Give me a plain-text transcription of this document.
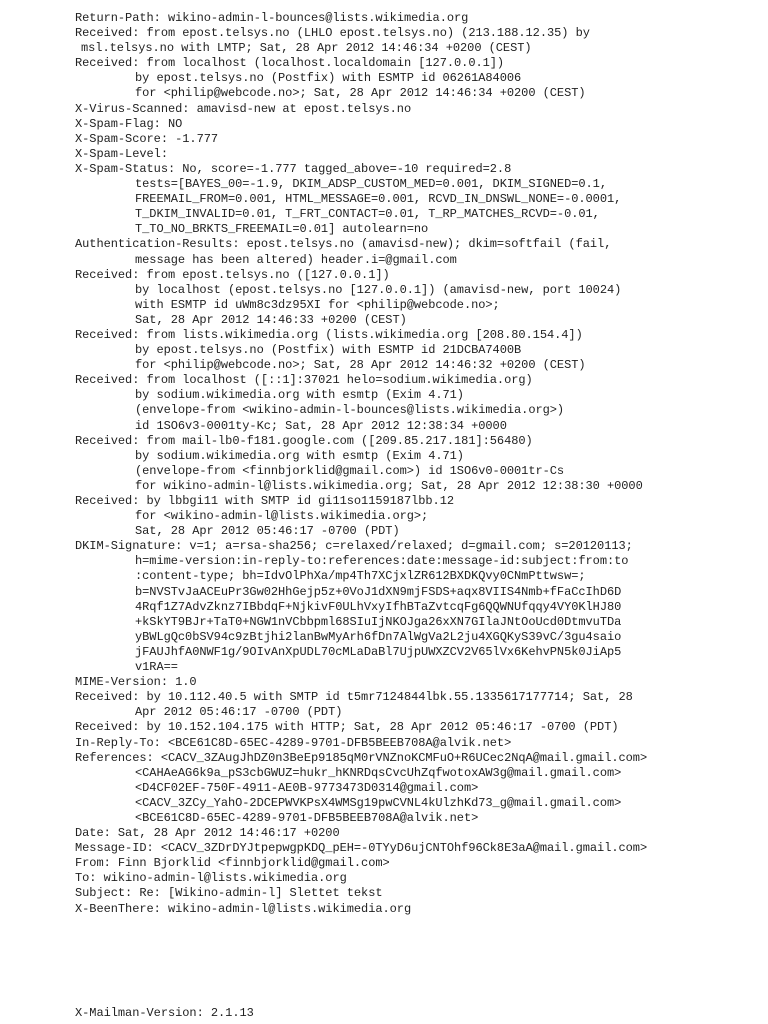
Return-Path: wikino-admin-l-bounces@lists.wikimedia.org
Received: from epost.telsys.no (LHLO epost.telsys.no) (213.188.12.35) by
msl.telsys.no with LMTP; Sat, 28 Apr 2012 14:46:34 +0200 (CEST)
Received: from localhost (localhost.localdomain [127.0.0.1])
by epost.telsys.no (Postfix) with ESMTP id 06261A84006
for <philip@webcode.no>; Sat, 28 Apr 2012 14:46:34 +0200 (CEST)
X-Virus-Scanned: amavisd-new at epost.telsys.no
X-Spam-Flag: NO
X-Spam-Score: -1.777
X-Spam-Level:
X-Spam-Status: No, score=-1.777 tagged_above=-10 required=2.8
tests=[BAYES_00=-1.9, DKIM_ADSP_CUSTOM_MED=0.001, DKIM_SIGNED=0.1,
FREEMAIL_FROM=0.001, HTML_MESSAGE=0.001, RCVD_IN_DNSWL_NONE=-0.0001,
T_DKIM_INVALID=0.01, T_FRT_CONTACT=0.01, T_RP_MATCHES_RCVD=-0.01,
T_TO_NO_BRKTS_FREEMAIL=0.01] autolearn=no
Authentication-Results: epost.telsys.no (amavisd-new); dkim=softfail (fail,
message has been altered) header.i=@gmail.com
Received: from epost.telsys.no ([127.0.0.1])
by localhost (epost.telsys.no [127.0.0.1]) (amavisd-new, port 10024)
with ESMTP id uWm8c3dz95XI for <philip@webcode.no>;
Sat, 28 Apr 2012 14:46:33 +0200 (CEST)
Received: from lists.wikimedia.org (lists.wikimedia.org [208.80.154.4])
by epost.telsys.no (Postfix) with ESMTP id 21DCBA7400B
for <philip@webcode.no>; Sat, 28 Apr 2012 14:46:32 +0200 (CEST)
Received: from localhost ([::1]:37021 helo=sodium.wikimedia.org)
by sodium.wikimedia.org with esmtp (Exim 4.71)
(envelope-from <wikino-admin-l-bounces@lists.wikimedia.org>)
id 1SO6v3-0001ty-Kc; Sat, 28 Apr 2012 12:38:34 +0000
Received: from mail-lb0-f181.google.com ([209.85.217.181]:56480)
by sodium.wikimedia.org with esmtp (Exim 4.71)
(envelope-from <finnbjorklid@gmail.com>) id 1SO6v0-0001tr-Cs
for wikino-admin-l@lists.wikimedia.org; Sat, 28 Apr 2012 12:38:30 +0000
Received: by lbbgi11 with SMTP id gi11so1159187lbb.12
for <wikino-admin-l@lists.wikimedia.org>;
Sat, 28 Apr 2012 05:46:17 -0700 (PDT)
DKIM-Signature: v=1; a=rsa-sha256; c=relaxed/relaxed; d=gmail.com; s=20120113;
h=mime-version:in-reply-to:references:date:message-id:subject:from:to
:content-type; bh=IdvOlPhXa/mp4Th7XCjxlZR612BXDKQvy0CNmPttwsw=;
b=NVSTvJaACEuPr3Gw02HhGejp5z+0VoJ1dXN9mjFSDS+aqx8VIIS4Nmb+fFaCcIhD6D
4Rqf1Z7AdvZknz7IBbdqF+NjkivF0ULhVxyIfhBTaZvtcqFg6QQWNUfqqy4VY0KlHJ80
+kSkYT9BJr+TaT0+NGW1nVCbbpml68SIuIjNKOJga26xXN7GIlaJNtOoUcd0DtmvuTDa
yBWLgQc0bSV94c9zBtjhi2lanBwMyArh6fDn7AlWgVa2L2ju4XGQKyS39vC/3gu4saio
jFAUJhfA0NWF1g/9OIvAnXpUDL70cMLaDaBl7UjpUWXZCV2V65lVx6KehvPN5k0JiAp5
v1RA==
MIME-Version: 1.0
Received: by 10.112.40.5 with SMTP id t5mr7124844lbk.55.1335617177714; Sat, 28
Apr 2012 05:46:17 -0700 (PDT)
Received: by 10.152.104.175 with HTTP; Sat, 28 Apr 2012 05:46:17 -0700 (PDT)
In-Reply-To: <BCE61C8D-65EC-4289-9701-DFB5BEEB708A@alvik.net>
References: <CACV_3ZAugJhDZ0n3BeEp9185qM0rVNZnoKCMFuO+R6UCec2NqA@mail.gmail.com>
<CAHAeAG6k9a_pS3cbGWUZ=hukr_hKNRDqsCvcUhZqfwotoxAW3g@mail.gmail.com>
<D4CF02EF-750F-4911-AE0B-9773473D0314@gmail.com>
<CACV_3ZCy_YahO-2DCEPWVKPsX4WMSg19pwCVNL4kUlzhKd73_g@mail.gmail.com>
<BCE61C8D-65EC-4289-9701-DFB5BEEB708A@alvik.net>
Date: Sat, 28 Apr 2012 14:46:17 +0200
Message-ID: <CACV_3ZDrDYJtpepwgpKDQ_pEH=-0TYyD6ujCNTOhf96Ck8E3aA@mail.gmail.com>
From: Finn Bjorklid <finnbjorklid@gmail.com>
To: wikino-admin-l@lists.wikimedia.org
Subject: Re: [Wikino-admin-l] Slettet tekst
X-BeenThere: wikino-admin-l@lists.wikimedia.org
X-Mailman-Version: 2.1.13
